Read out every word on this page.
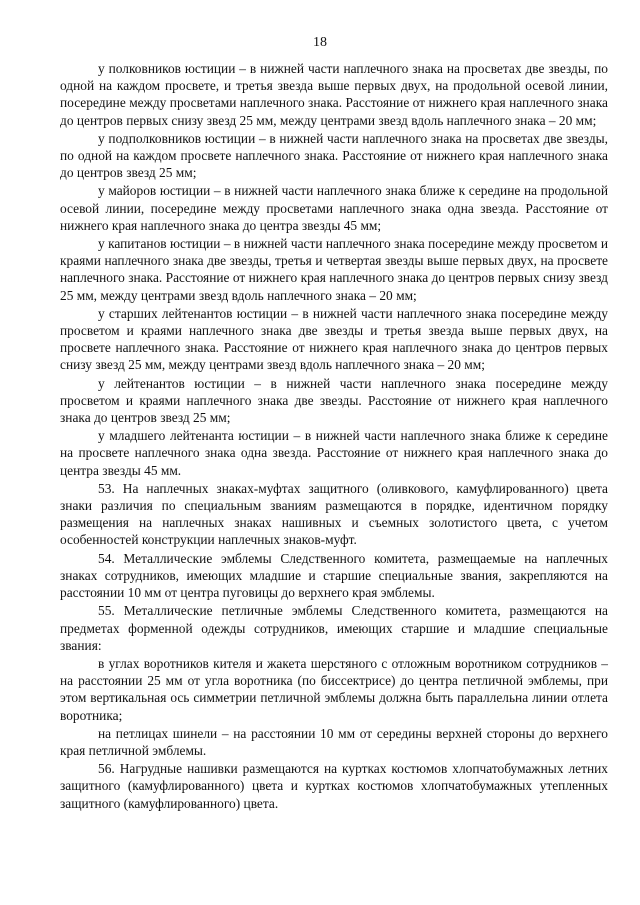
18

у полковников юстиции – в нижней части наплечного знака на просветах две звезды, по одной на каждом просвете, и третья звезда выше первых двух, на продольной осевой линии, посередине между просветами наплечного знака. Расстояние от нижнего края наплечного знака до центров первых снизу звезд 25 мм, между центрами звезд вдоль наплечного знака – 20 мм;

у подполковников юстиции – в нижней части наплечного знака на просветах две звезды, по одной на каждом просвете наплечного знака. Расстояние от нижнего края наплечного знака до центров звезд 25 мм;

у майоров юстиции – в нижней части наплечного знака ближе к середине на продольной осевой линии, посередине между просветами наплечного знака одна звезда. Расстояние от нижнего края наплечного знака до центра звезды 45 мм;

у капитанов юстиции – в нижней части наплечного знака посередине между просветом и краями наплечного знака две звезды, третья и четвертая звезды выше первых двух, на просвете наплечного знака. Расстояние от нижнего края наплечного знака до центров первых снизу звезд 25 мм, между центрами звезд вдоль наплечного знака – 20 мм;

у старших лейтенантов юстиции – в нижней части наплечного знака посередине между просветом и краями наплечного знака две звезды и третья звезда выше первых двух, на просвете наплечного знака. Расстояние от нижнего края наплечного знака до центров первых снизу звезд 25 мм, между центрами звезд вдоль наплечного знака – 20 мм;

у лейтенантов юстиции – в нижней части наплечного знака посередине между просветом и краями наплечного знака две звезды. Расстояние от нижнего края наплечного знака до центров звезд 25 мм;

у младшего лейтенанта юстиции – в нижней части наплечного знака ближе к середине на просвете наплечного знака одна звезда. Расстояние от нижнего края наплечного знака до центра звезды 45 мм.

53. На наплечных знаках-муфтах защитного (оливкового, камуфлированного) цвета знаки различия по специальным званиям размещаются в порядке, идентичном порядку размещения на наплечных знаках нашивных и съемных золотистого цвета, с учетом особенностей конструкции наплечных знаков-муфт.

54. Металлические эмблемы Следственного комитета, размещаемые на наплечных знаках сотрудников, имеющих младшие и старшие специальные звания, закрепляются на расстоянии 10 мм от центра пуговицы до верхнего края эмблемы.

55. Металлические петличные эмблемы Следственного комитета, размещаются на предметах форменной одежды сотрудников, имеющих старшие и младшие специальные звания:

в углах воротников кителя и жакета шерстяного с отложным воротником сотрудников – на расстоянии 25 мм от угла воротника (по биссектрисе) до центра петличной эмблемы, при этом вертикальная ось симметрии петличной эмблемы должна быть параллельна линии отлета воротника;

на петлицах шинели – на расстоянии 10 мм от середины верхней стороны до верхнего края петличной эмблемы.

56. Нагрудные нашивки размещаются на куртках костюмов хлопчатобумажных летних защитного (камуфлированного) цвета и куртках костюмов хлопчатобумажных утепленных защитного (камуфлированного) цвета.
